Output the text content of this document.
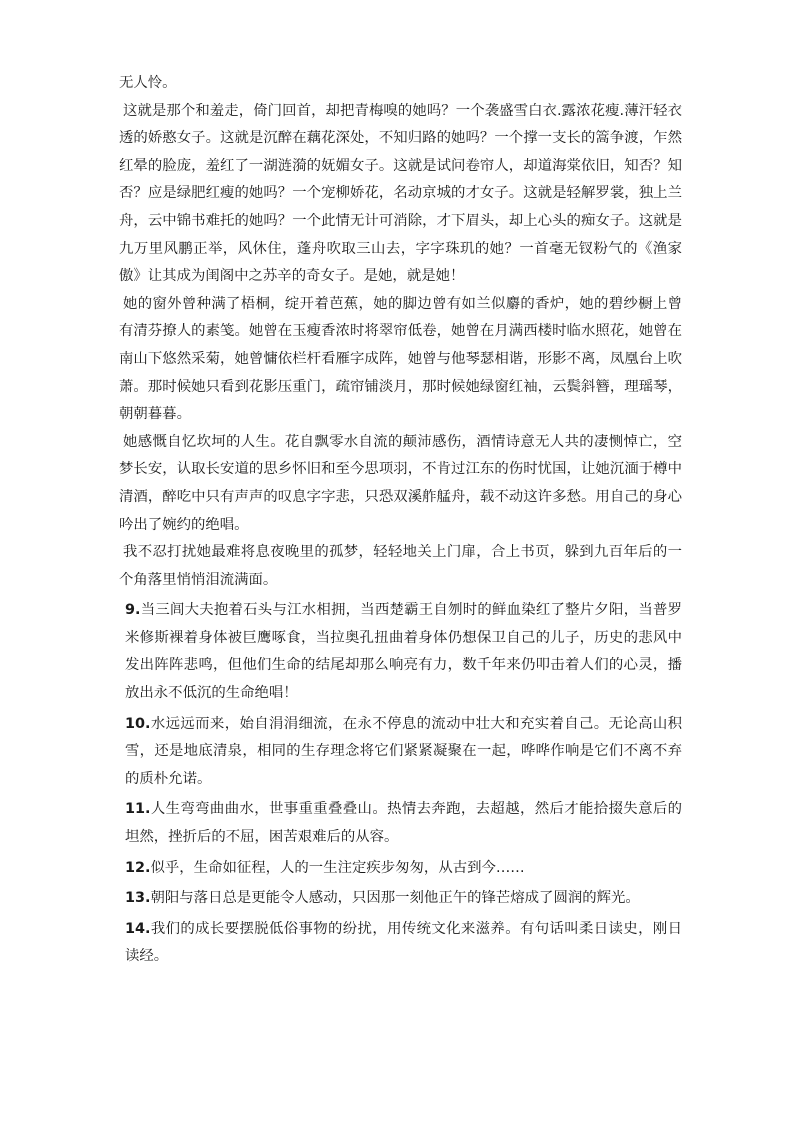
无人怜。

这就是那个和羞走，倚门回首，却把青梅嗅的她吗？一个袭盛雪白衣.露浓花瘦.薄汗轻衣透的娇憨女子。这就是沉醉在藕花深处，不知归路的她吗？一个撑一支长的篙争渡，乍然红晕的脸庞，羞红了一湖涟漪的妩媚女子。这就是试问卷帘人，却道海棠依旧，知否？知否？应是绿肥红瘦的她吗？一个宠柳娇花，名动京城的才女子。这就是轻解罗裳，独上兰舟，云中锦书难托的她吗？一个此情无计可消除，才下眉头，却上心头的痴女子。这就是九万里风鹏正举，风休住，蓬舟吹取三山去，字字珠玑的她？一首毫无钗粉气的《渔家傲》让其成为闺阁中之苏辛的奇女子。是她，就是她！

她的窗外曾种满了梧桐，绽开着芭蕉，她的脚边曾有如兰似麝的香炉，她的碧纱橱上曾有清芬撩人的素笺。她曾在玉瘦香浓时将翠帘低卷，她曾在月满西楼时临水照花，她曾在南山下悠然采菊，她曾慵依栏杆看雁字成阵，她曾与他琴瑟相谐，形影不离，凤凰台上吹萧。那时候她只看到花影压重门，疏帘铺淡月，那时候她绿窗红袖，云鬓斜簪，理瑶琴，朝朝暮暮。

她感慨自忆坎坷的人生。花自飘零水自流的颠沛感伤，酒情诗意无人共的凄恻悼亡，空梦长安，认取长安道的思乡怀旧和至今思项羽，不肯过江东的伤时忧国，让她沉湎于樽中清酒，醉吃中只有声声的叹息字字悲，只恐双溪舴艋舟，载不动这许多愁。用自己的身心吟出了婉约的绝唱。

我不忍打扰她最难将息夜晚里的孤梦，轻轻地关上门扉，合上书页，躲到九百年后的一个角落里悄悄泪流满面。

9.当三闾大夫抱着石头与江水相拥，当西楚霸王自刎时的鲜血染红了整片夕阳，当普罗米修斯裸着身体被巨鹰啄食，当拉奥孔扭曲着身体仍想保卫自己的儿子，历史的悲风中发出阵阵悲鸣，但他们生命的结尾却那么响亮有力，数千年来仍叩击着人们的心灵，播放出永不低沉的生命绝唱！

10.水远远而来，始自涓涓细流，在永不停息的流动中壮大和充实着自己。无论高山积雪，还是地底清泉，相同的生存理念将它们紧紧凝聚在一起，哗哗作响是它们不离不弃的质朴允诺。

11.人生弯弯曲曲水，世事重重叠叠山。热情去奔跑，去超越，然后才能拾掇失意后的坦然，挫折后的不屈，困苦艰难后的从容。

12.似乎，生命如征程，人的一生注定疾步匆匆，从古到今……

13.朝阳与落日总是更能令人感动，只因那一刻他正午的锋芒熔成了圆润的辉光。

14.我们的成长要摆脱低俗事物的纷扰，用传统文化来滋养。有句话叫柔日读史，刚日读经。
